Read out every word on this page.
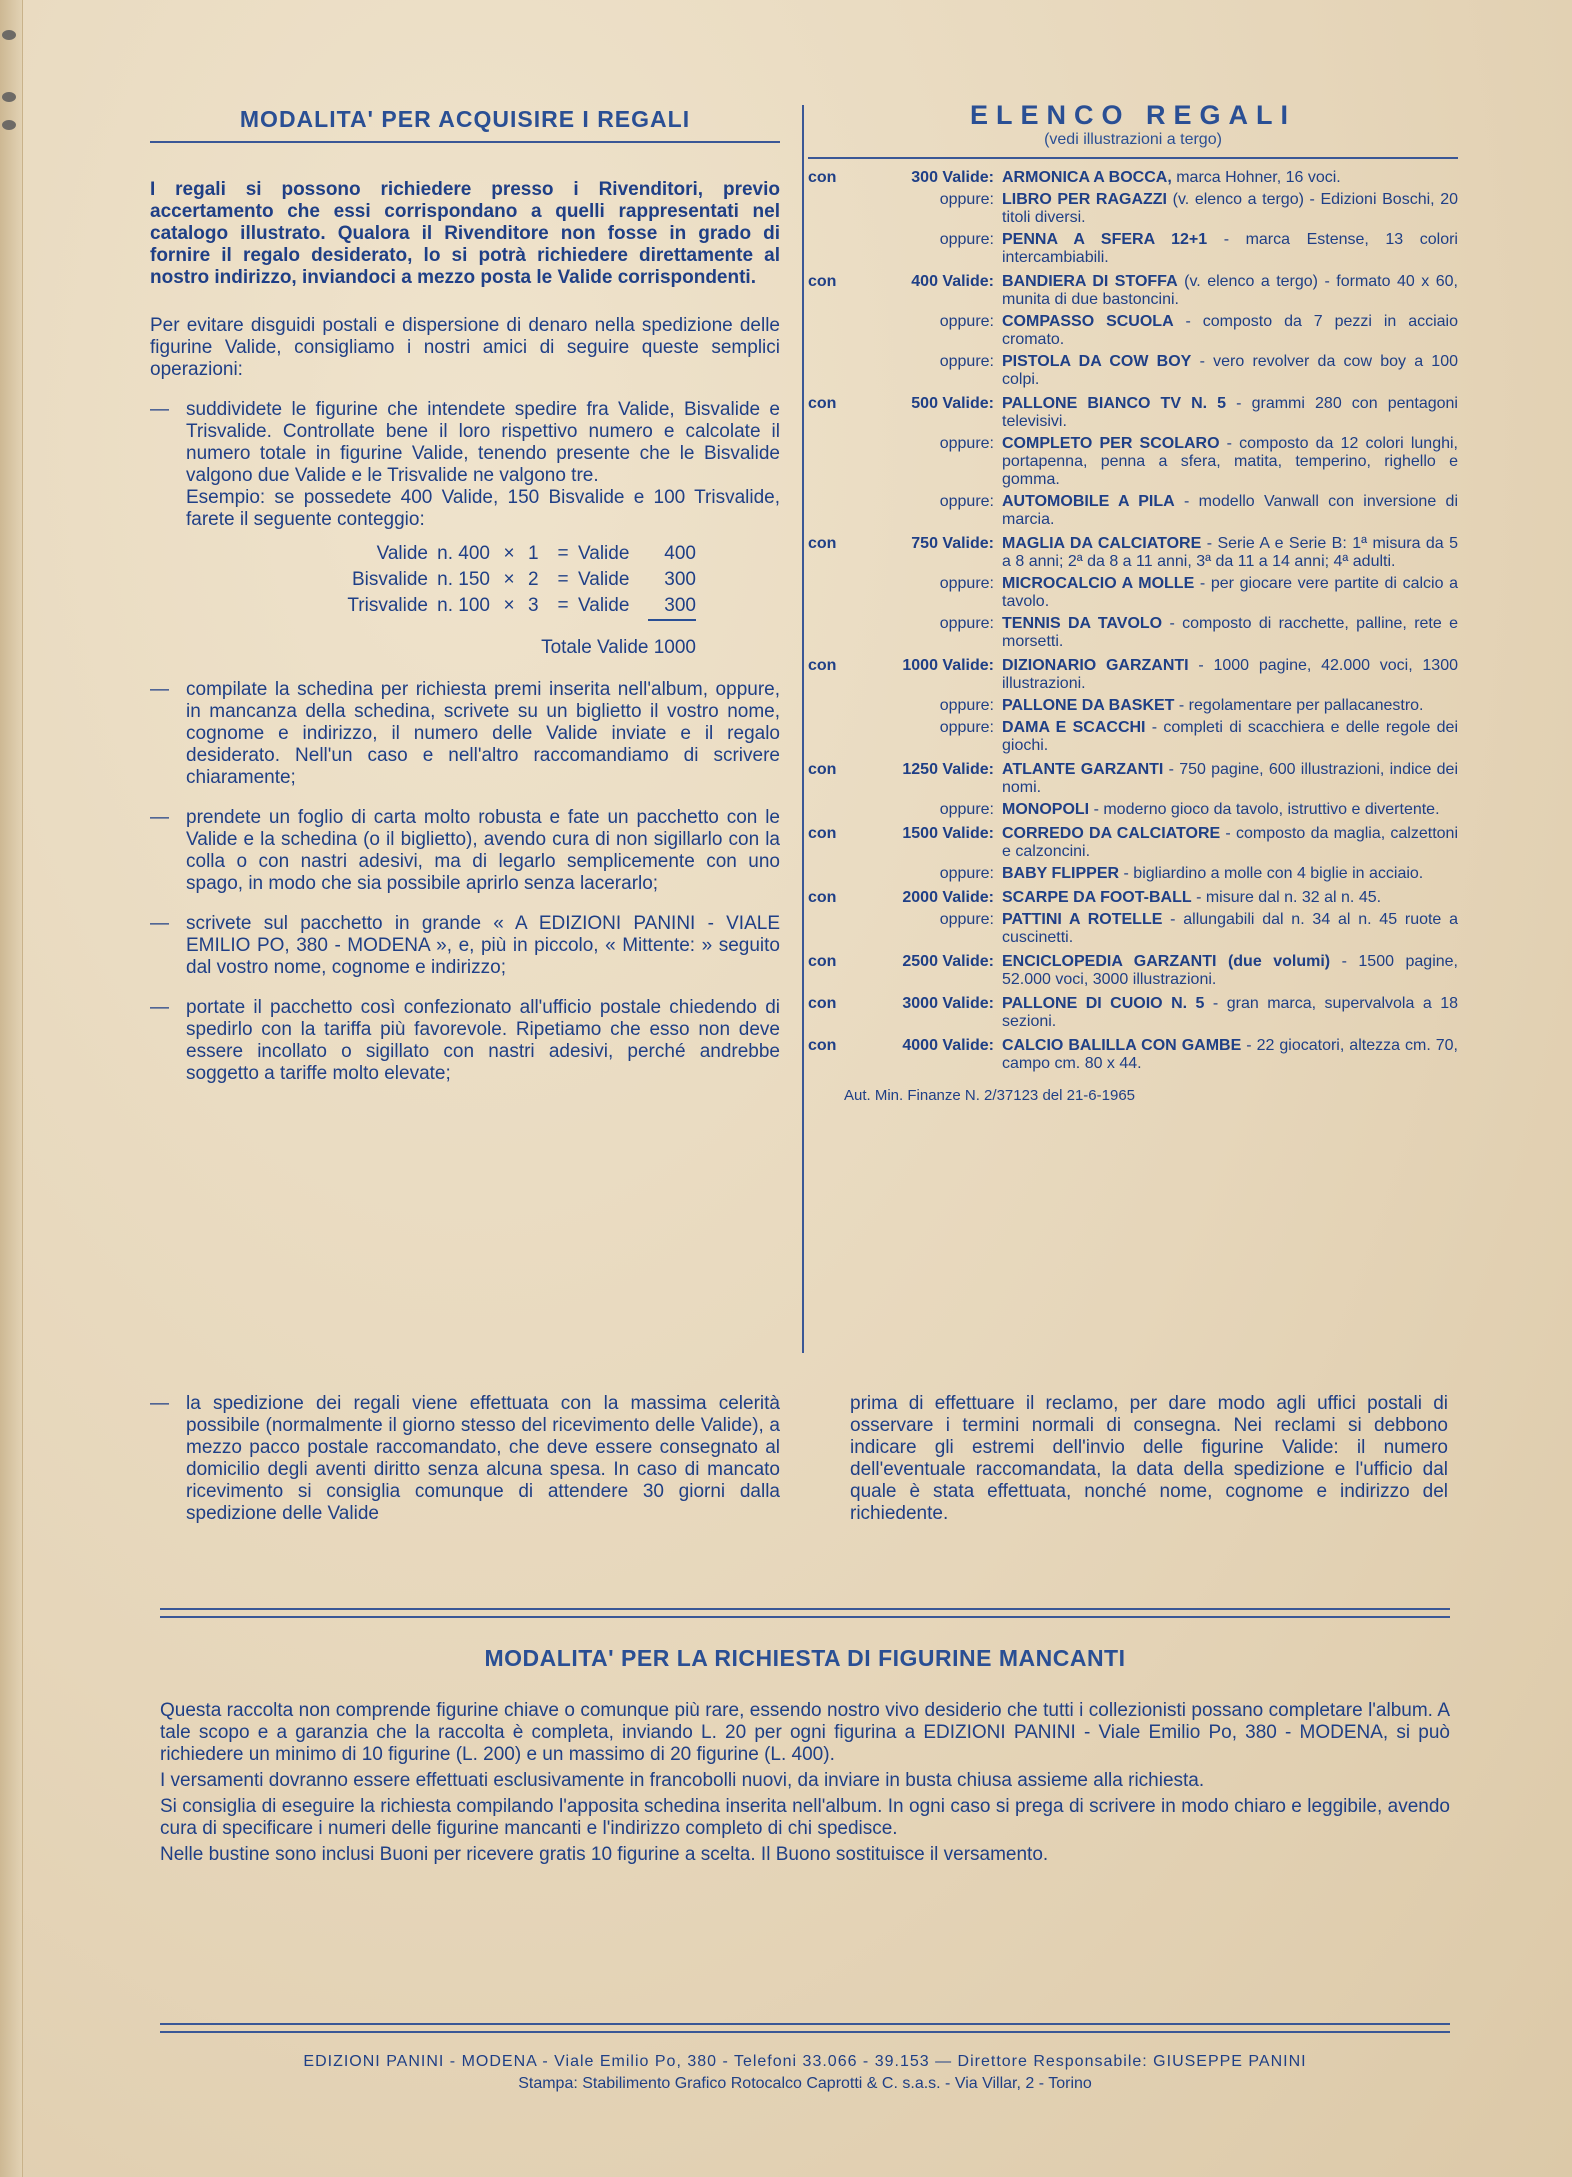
MODALITA' PER ACQUISIRE I REGALI
I regali si possono richiedere presso i Rivenditori, previo accertamento che essi corrispondano a quelli rappresentati nel catalogo illustrato. Qualora il Rivenditore non fosse in grado di fornire il regalo desiderato, lo si potrà richiedere direttamente al nostro indirizzo, inviandoci a mezzo posta le Valide corrispondenti.
Per evitare disguidi postali e dispersione di denaro nella spedizione delle figurine Valide, consigliamo i nostri amici di seguire queste semplici operazioni:
— suddividete le figurine che intendete spedire fra Valide, Bisvalide e Trisvalide. Controllate bene il loro rispettivo numero e calcolate il numero totale in figurine Valide, tenendo presente che le Bisvalide valgono due Valide e le Trisvalide ne valgono tre.
Esempio: se possedete 400 Valide, 150 Bisvalide e 100 Trisvalide, farete il seguente conteggio:
Valide n. 400 × 1 = Valide	400
Bisvalide n. 150 × 2 = Valide	300
Trisvalide n. 100 × 3 = Valide	300
Totale Valide 1000
— compilate la schedina per richiesta premi inserita nell'album, oppure, in mancanza della schedina, scrivete su un biglietto il vostro nome, cognome e indirizzo, il numero delle Valide inviate e il regalo desiderato. Nell'un caso e nell'altro raccomandiamo di scrivere chiaramente;
— prendete un foglio di carta molto robusta e fate un pacchetto con le Valide e la schedina (o il biglietto), avendo cura di non sigillarlo con la colla o con nastri adesivi, ma di legarlo semplicemente con uno spago, in modo che sia possibile aprirlo senza lacerarlo;
— scrivete sul pacchetto in grande « A EDIZIONI PANINI - VIALE EMILIO PO, 380 - MODENA », e, più in piccolo, « Mittente: » seguito dal vostro nome, cognome e indirizzo;
— portate il pacchetto così confezionato all'ufficio postale chiedendo di spedirlo con la tariffa più favorevole. Ripetiamo che esso non deve essere incollato o sigillato con nastri adesivi, perché andrebbe soggetto a tariffe molto elevate;
ELENCO REGALI
(vedi illustrazioni a tergo)
con	300 Valide: ARMONICA A BOCCA, marca Hohner, 16 voci.
oppure: LIBRO PER RAGAZZI (v. elenco a tergo) - Edizioni Boschi, 20 titoli diversi.
oppure: PENNA A SFERA 12+1 - marca Estense, 13 colori intercambiabili.
con	400 Valide: BANDIERA DI STOFFA (v. elenco a tergo) - formato 40 x 60, munita di due bastoncini.
oppure: COMPASSO SCUOLA - composto da 7 pezzi in acciaio cromato.
oppure: PISTOLA DA COW BOY - vero revolver da cow boy a 100 colpi.
con	500 Valide: PALLONE BIANCO TV N. 5 - grammi 280 con pentagoni televisivi.
oppure: COMPLETO PER SCOLARO - composto da 12 colori lunghi, portapenna, penna a sfera, matita, temperino, righello e gomma.
oppure: AUTOMOBILE A PILA - modello Vanwall con inversione di marcia.
con	750 Valide: MAGLIA DA CALCIATORE - Serie A e Serie B: 1ª misura da 5 a 8 anni; 2ª da 8 a 11 anni, 3ª da 11 a 14 anni; 4ª adulti.
oppure: MICROCALCIO A MOLLE - per giocare vere partite di calcio a tavolo.
oppure: TENNIS DA TAVOLO - composto di racchette, palline, rete e morsetti.
con	1000 Valide: DIZIONARIO GARZANTI - 1000 pagine, 42.000 voci, 1300 illustrazioni.
oppure: PALLONE DA BASKET - regolamentare per pallacanestro.
oppure: DAMA E SCACCHI - completi di scacchiera e delle regole dei giochi.
con	1250 Valide: ATLANTE GARZANTI - 750 pagine, 600 illustrazioni, indice dei nomi.
oppure: MONOPOLI - moderno gioco da tavolo, istruttivo e divertente.
con	1500 Valide: CORREDO DA CALCIATORE - composto da maglia, calzettoni e calzoncini.
oppure: BABY FLIPPER - bigliardino a molle con 4 biglie in acciaio.
con	2000 Valide: SCARPE DA FOOT-BALL - misure dal n. 32 al n. 45.
oppure: PATTINI A ROTELLE - allungabili dal n. 34 al n. 45 ruote a cuscinetti.
con	2500 Valide: ENCICLOPEDIA GARZANTI (due volumi) - 1500 pagine, 52.000 voci, 3000 illustrazioni.
con	3000 Valide: PALLONE DI CUOIO N. 5 - gran marca, supervalvola a 18 sezioni.
con	4000 Valide: CALCIO BALILLA CON GAMBE - 22 giocatori, altezza cm. 70, campo cm. 80 x 44.
Aut. Min. Finanze N. 2/37123 del 21-6-1965
— la spedizione dei regali viene effettuata con la massima celerità possibile (normalmente il giorno stesso del ricevimento delle Valide), a mezzo pacco postale raccomandato, che deve essere consegnato al domicilio degli aventi diritto senza alcuna spesa. In caso di mancato ricevimento si consiglia comunque di attendere 30 giorni dalla spedizione delle Valide
prima di effettuare il reclamo, per dare modo agli uffici postali di osservare i termini normali di consegna. Nei reclami si debbono indicare gli estremi dell'invio delle figurine Valide: il numero dell'eventuale raccomandata, la data della spedizione e l'ufficio dal quale è stata effettuata, nonché nome, cognome e indirizzo del richiedente.
MODALITA' PER LA RICHIESTA DI FIGURINE MANCANTI

Questa raccolta non comprende figurine chiave o comunque più rare, essendo nostro vivo desiderio che tutti i collezionisti possano completare l'album. A tale scopo e a garanzia che la raccolta è completa, inviando L. 20 per ogni figurina a EDIZIONI PANINI - Viale Emilio Po, 380 - MODENA, si può richiedere un minimo di 10 figurine (L. 200) e un massimo di 20 figurine (L. 400).

I versamenti dovranno essere effettuati esclusivamente in francobolli nuovi, da inviare in busta chiusa assieme alla richiesta.

Si consiglia di eseguire la richiesta compilando l'apposita schedina inserita nell'album. In ogni caso si prega di scrivere in modo chiaro e leggibile, avendo cura di specificare i numeri delle figurine mancanti e l'indirizzo completo di chi spedisce.

Nelle bustine sono inclusi Buoni per ricevere gratis 10 figurine a scelta. Il Buono sostituisce il versamento.

EDIZIONI PANINI - MODENA - Viale Emilio Po, 380 - Telefoni 33.066 - 39.153 — Direttore Responsabile: GIUSEPPE PANINI
Stampa: Stabilimento Grafico Rotocalco Caprotti & C. s.a.s. - Via Villar, 2 - Torino
